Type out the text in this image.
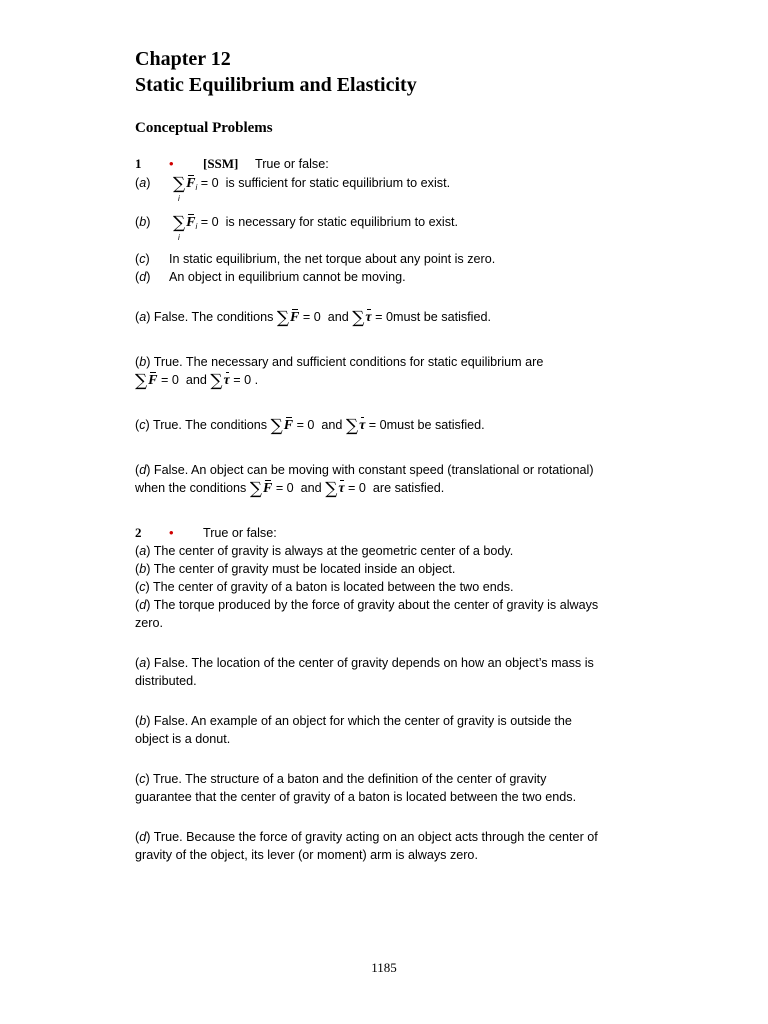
Chapter 12
Static Equilibrium and Elasticity
Conceptual Problems
1	•	[SSM]	True or false:
(a)	∑
i
$F_i = 0$ is sufficient for static equilibrium to exist.
(b)	∑
i
$F_i = 0$ is necessary for static equilibrium to exist.
(c)	In static equilibrium, the net torque about any point is zero.
(d)	An object in equilibrium cannot be moving.
(a) False. The conditions ∑F = 0 and ∑τ = 0must be satisfied.
(b) True. The necessary and sufficient conditions for static equilibrium are
∑F = 0 and ∑τ = 0 .
(c) True. The conditions ∑F = 0 and ∑τ = 0must be satisfied.
(d) False. An object can be moving with constant speed (translational or rotational)
when the conditions ∑F = 0 and ∑τ = 0 are satisfied.
2	•	True or false:
(a) The center of gravity is always at the geometric center of a body.
(b) The center of gravity must be located inside an object.
(c) The center of gravity of a baton is located between the two ends.
(d) The torque produced by the force of gravity about the center of gravity is always
zero.
(a) False. The location of the center of gravity depends on how an object’s mass is
distributed.
(b) False. An example of an object for which the center of gravity is outside the
object is a donut.
(c) True. The structure of a baton and the definition of the center of gravity
guarantee that the center of gravity of a baton is located between the two ends.
(d) True. Because the force of gravity acting on an object acts through the center of
gravity of the object, its lever (or moment) arm is always zero.
1185
